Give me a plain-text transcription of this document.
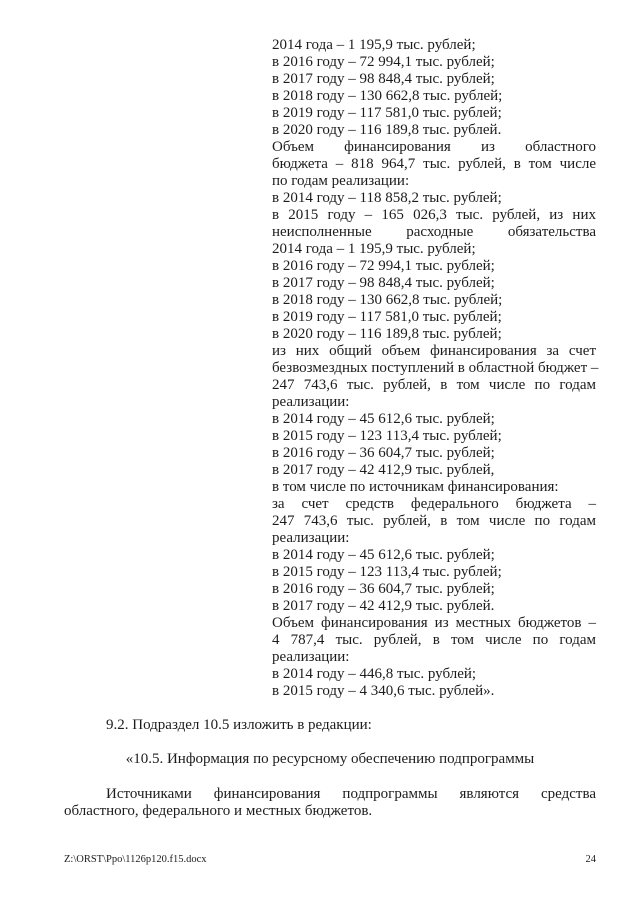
2014 года – 1 195,9 тыс. рублей;
в 2016 году – 72 994,1 тыс. рублей;
в 2017 году – 98 848,4 тыс. рублей;
в 2018 году – 130 662,8 тыс. рублей;
в 2019 году – 117 581,0 тыс. рублей;
в 2020 году – 116 189,8 тыс. рублей.
Объем финансирования из областного
бюджета – 818 964,7 тыс. рублей, в том числе
по годам реализации:
в 2014 году – 118 858,2 тыс. рублей;
в 2015 году – 165 026,3 тыс. рублей, из них
неисполненные расходные обязательства
2014 года – 1 195,9 тыс. рублей;
в 2016 году – 72 994,1 тыс. рублей;
в 2017 году – 98 848,4 тыс. рублей;
в 2018 году – 130 662,8 тыс. рублей;
в 2019 году – 117 581,0 тыс. рублей;
в 2020 году – 116 189,8 тыс. рублей;
из них общий объем финансирования за счет
безвозмездных поступлений в областной бюджет –
247 743,6 тыс. рублей, в том числе по годам
реализации:
в 2014 году – 45 612,6 тыс. рублей;
в 2015 году – 123 113,4 тыс. рублей;
в 2016 году – 36 604,7 тыс. рублей;
в 2017 году – 42 412,9 тыс. рублей,
в том числе по источникам финансирования:
за счет средств федерального бюджета –
247 743,6 тыс. рублей, в том числе по годам
реализации:
в 2014 году – 45 612,6 тыс. рублей;
в 2015 году – 123 113,4 тыс. рублей;
в 2016 году – 36 604,7 тыс. рублей;
в 2017 году – 42 412,9 тыс. рублей.
Объем финансирования из местных бюджетов –
4 787,4 тыс. рублей, в том числе по годам
реализации:
в 2014 году – 446,8 тыс. рублей;
в 2015 году – 4 340,6 тыс. рублей».
9.2. Подраздел 10.5 изложить в редакции:
«10.5. Информация по ресурсному обеспечению подпрограммы
Источниками финансирования подпрограммы являются средства
областного, федерального и местных бюджетов.
Z:\ORST\Ppo\1126p120.f15.docx	24
